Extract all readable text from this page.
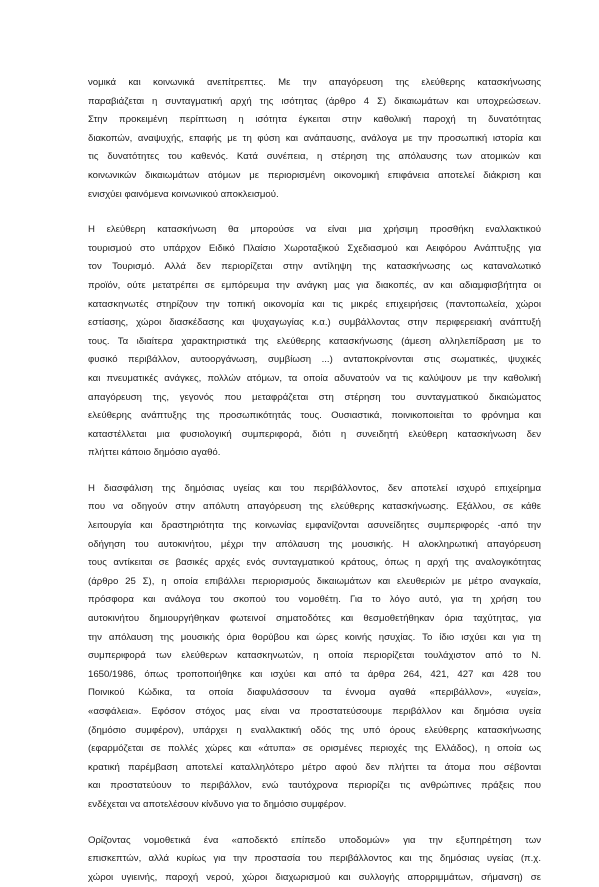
νομικά και κοινωνικά ανεπίτρεπτες. Με την απαγόρευση της ελεύθερης κατασκήνωσης
παραβιάζεται η συνταγματική αρχή της ισότητας (άρθρο 4 Σ) δικαιωμάτων και υποχρεώσεων.
Στην προκειμένη περίπτωση η ισότητα έγκειται στην καθολική παροχή τη δυνατότητας
διακοπών, αναψυχής, επαφής με τη φύση και ανάπαυσης, ανάλογα με την προσωπική ιστορία και
τις δυνατότητες του καθενός. Κατά συνέπεια, η στέρηση της απόλαυσης των ατομικών και
κοινωνικών δικαιωμάτων ατόμων με περιορισμένη οικονομική επιφάνεια αποτελεί διάκριση και
ενισχύει φαινόμενα κοινωνικού αποκλεισμού.
Η ελεύθερη κατασκήνωση θα μπορούσε να είναι μια χρήσιμη προσθήκη εναλλακτικού
τουρισμού στο υπάρχον Ειδικό Πλαίσιο Χωροταξικού Σχεδιασμού και Αειφόρου Ανάπτυξης για
τον Τουρισμό. Αλλά δεν περιορίζεται στην αντίληψη της κατασκήνωσης ως καταναλωτικό
προϊόν, ούτε μετατρέπει σε εμπόρευμα την ανάγκη μας για διακοπές, αν και αδιαμφισβήτητα οι
κατασκηνωτές στηρίζουν την τοπική οικονομία και τις μικρές επιχειρήσεις (παντοπωλεία, χώροι
εστίασης, χώροι διασκέδασης και ψυχαγωγίας κ.α.) συμβάλλοντας στην περιφερειακή ανάπτυξή
τους. Τα ιδιαίτερα χαρακτηριστικά της ελεύθερης κατασκήνωσης (άμεση αλληλεπίδραση με το
φυσικό περιβάλλον, αυτοοργάνωση, συμβίωση ...) ανταποκρίνονται στις σωματικές, ψυχικές
και πνευματικές ανάγκες, πολλών ατόμων, τα οποία αδυνατούν να τις καλύψουν με την καθολική
απαγόρευση της, γεγονός που μεταφράζεται στη στέρηση του συνταγματικού δικαιώματος
ελεύθερης ανάπτυξης της προσωπικότητάς τους. Ουσιαστικά, ποινικοποιείται το φρόνημα και
καταστέλλεται μια φυσιολογική συμπεριφορά, διότι η συνειδητή ελεύθερη κατασκήνωση δεν
πλήττει κάποιο δημόσιο αγαθό.
Η διασφάλιση της δημόσιας υγείας και του περιβάλλοντος, δεν αποτελεί ισχυρό επιχείρημα
που να οδηγούν στην απόλυτη απαγόρευση της ελεύθερης κατασκήνωσης. Εξάλλου, σε κάθε
λειτουργία και δραστηριότητα της κοινωνίας εμφανίζονται ασυνείδητες συμπεριφορές -από την
οδήγηση του αυτοκινήτου, μέχρι την απόλαυση της μουσικής. Η αλοκληρωτική απαγόρευση
τους αντίκειται σε βασικές αρχές ενός συνταγματικού κράτους, όπως η αρχή της αναλογικότητας
(άρθρο 25 Σ), η οποία επιβάλλει περιορισμούς δικαιωμάτων και ελευθεριών με μέτρο αναγκαία,
πρόσφορα και ανάλογα του σκοπού του νομοθέτη. Για το λόγο αυτό, για τη χρήση του
αυτοκινήτου δημιουργήθηκαν φωτεινοί σηματοδότες και θεσμοθετήθηκαν όρια ταχύτητας, για
την απόλαυση της μουσικής όρια θορύβου και ώρες κοινής ησυχίας. Το ίδιο ισχύει και για τη
συμπεριφορά των ελεύθερων κατασκηνωτών, η οποία περιορίζεται τουλάχιστον από το Ν.
1650/1986, όπως τροποποιήθηκε και ισχύει και από τα άρθρα 264, 421, 427 και 428 του
Ποινικού Κώδικα, τα οποία διαφυλάσσουν τα έννομα αγαθά «περιβάλλον», «υγεία»,
«ασφάλεια». Εφόσον στόχος μας είναι να προστατεύσουμε περιβάλλον και δημόσια υγεία
(δημόσιο συμφέρον), υπάρχει η εναλλακτική οδός της υπό όρους ελεύθερης κατασκήνωσης
(εφαρμόζεται σε πολλές χώρες και «άτυπα» σε ορισμένες περιοχές της Ελλάδος), η οποία ως
κρατική παρέμβαση αποτελεί καταλληλότερο μέτρο αφού δεν πλήττει τα άτομα που σέβονται
και προστατεύουν το περιβάλλον, ενώ ταυτόχρονα περιορίζει τις ανθρώπινες πράξεις που
ενδέχεται να αποτελέσουν κίνδυνο για το δημόσιο συμφέρον.
Ορίζοντας νομοθετικά ένα «αποδεκτό επίπεδο υποδομών» για την εξυπηρέτηση των
επισκεπτών, αλλά κυρίως για την προστασία του περιβάλλοντος και της δημόσιας υγείας (π.χ.
χώροι υγιεινής, παροχή νερού, χώροι διαχωρισμού και συλλογής απορριμμάτων, σήμανση) σε
